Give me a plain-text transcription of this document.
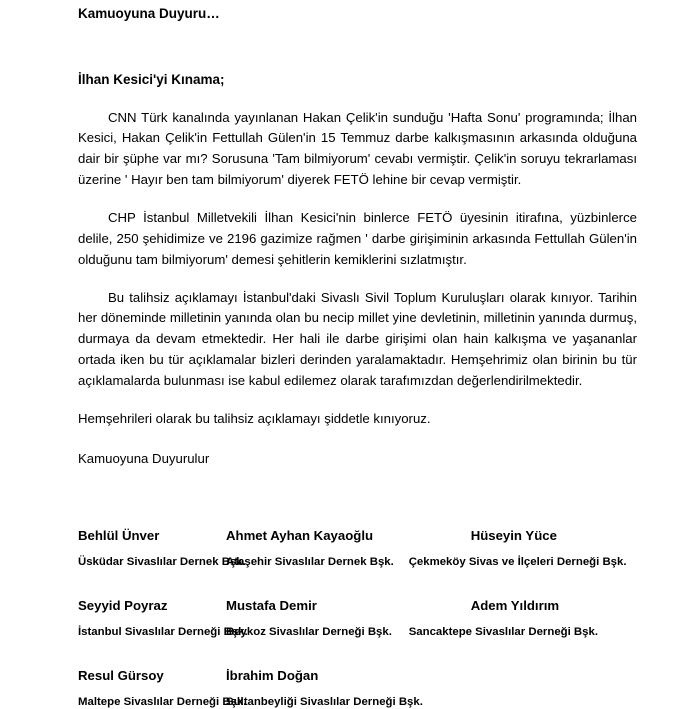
Kamuoyuna Duyuru…
İlhan Kesici'yi Kınama;

CNN Türk kanalında yayınlanan Hakan Çelik'in sunduğu 'Hafta Sonu' programında; İlhan Kesici, Hakan Çelik'in Fettullah Gülen'in 15 Temmuz darbe kalkışmasının arkasında olduğuna dair bir şüphe var mı? Sorusuna 'Tam bilmiyorum' cevabı vermiştir. Çelik'in soruyu tekrarlaması üzerine ' Hayır ben tam bilmiyorum' diyerek FETÖ lehine bir cevap vermiştir.

CHP İstanbul Milletvekili İlhan Kesici'nin binlerce FETÖ üyesinin itirafına, yüzbinlerce delile, 250 şehidimize ve 2196 gazimize rağmen ' darbe girişiminin arkasında Fettullah Gülen'in olduğunu tam bilmiyorum' demesi şehitlerin kemiklerini sızlatmıştır.

Bu talihsiz açıklamayı İstanbul'daki Sivaslı Sivil Toplum Kuruluşları olarak kınıyor. Tarihin her döneminde milletinin yanında olan bu necip millet yine devletinin, milletinin yanında durmuş, durmaya da devam etmektedir. Her hali ile darbe girişimi olan hain kalkışma ve yaşananlar ortada iken bu tür açıklamalar bizleri derinden yaralamaktadır. Hemşehrimiz olan birinin bu tür açıklamalarda bulunması ise kabul edilemez olarak tarafımızdan değerlendirilmektedir.

Hemşehrileri olarak bu talihsiz açıklamayı şiddetle kınıyoruz.

Kamuoyuna Duyurulur

Behlül Ünver
Üsküdar Sivaslılar Dernek Bşk.
Ahmet Ayhan Kayaoğlu
Ataşehir Sivaslılar Dernek Bşk.
Hüseyin Yüce
Çekmeköy Sivas ve İlçeleri Derneği Bşk.
Seyyid Poyraz
İstanbul Sivaslılar Derneği Bşk.
Mustafa Demir
Beykoz Sivaslılar Derneği Bşk.
Adem Yıldırım
Sancaktepe Sivaslılar Derneği Bşk.
Resul Gürsoy
Maltepe Sivaslılar Derneği Bşk.
İbrahim Doğan
Sultanbeyliği Sivaslılar Derneği Bşk.
